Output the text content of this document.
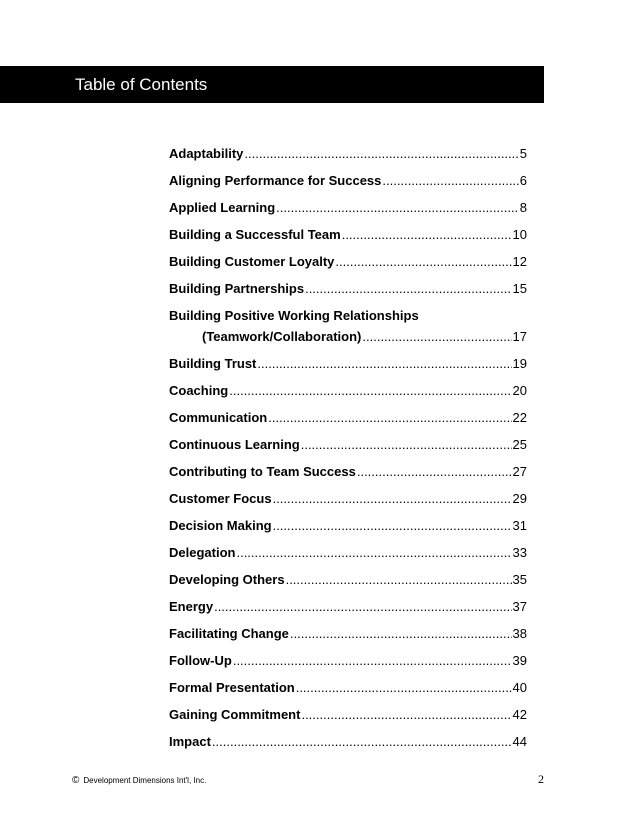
Table of Contents
Adaptability .....	5
Aligning Performance for Success .....	6
Applied Learning .....	8
Building a Successful Team .....	10
Building Customer Loyalty .....	12
Building Partnerships .....	15
Building Positive Working Relationships
(Teamwork/Collaboration) .....	17
Building Trust .....	19
Coaching .....	20
Communication .....	22
Continuous Learning .....	25
Contributing to Team Success .....	27
Customer Focus .....	29
Decision Making .....	31
Delegation .....	33
Developing Others .....	35
Energy .....	37
Facilitating Change .....	38
Follow-Up .....	39
Formal Presentation .....	40
Gaining Commitment .....	42
Impact .....	44
© Development Dimensions Int'l, Inc.	2
